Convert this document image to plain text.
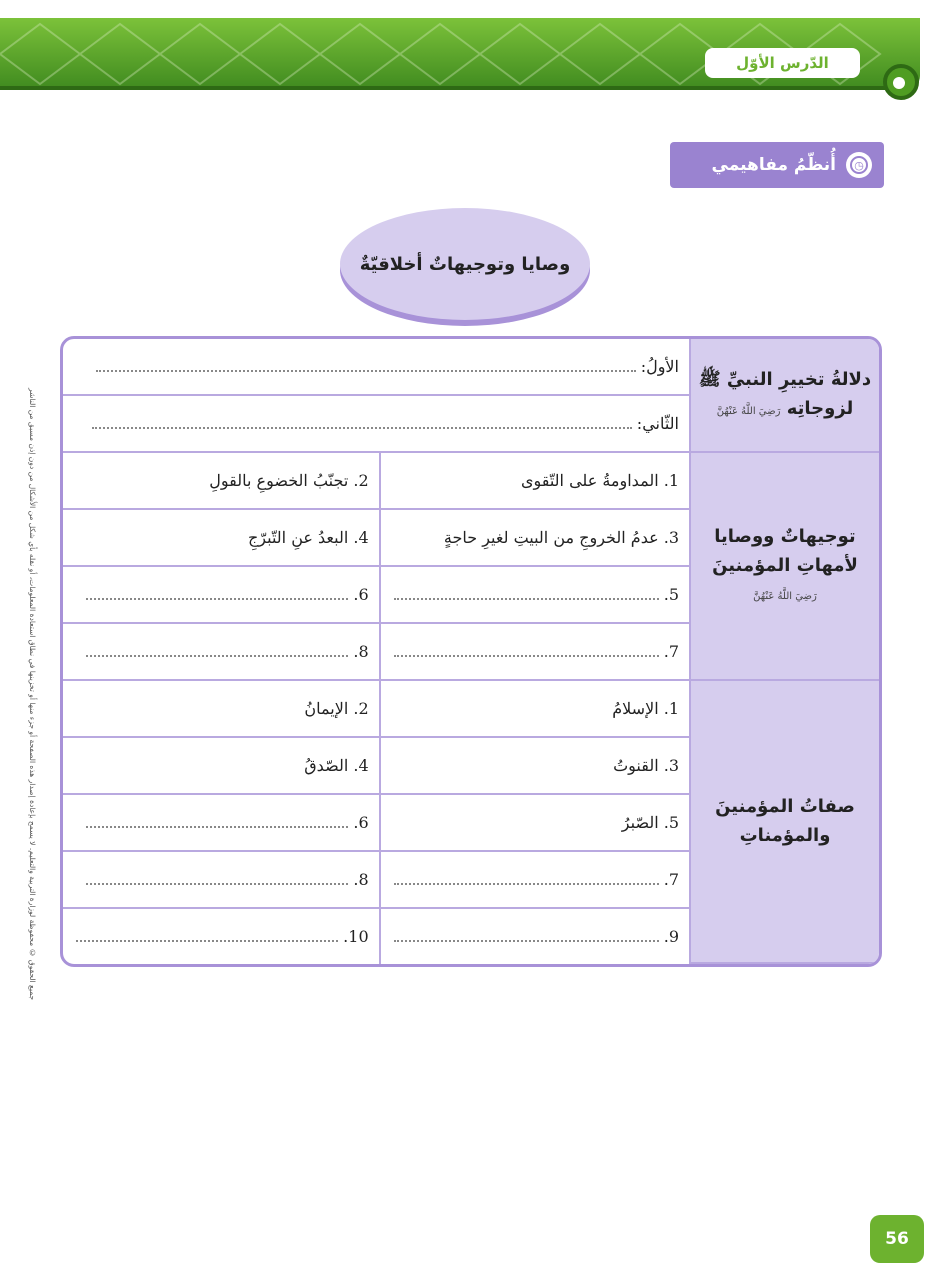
الدّرس الأوّل
جميع الحقوق © محفوظة لوزارة التربية والتعليم. لا يسمح بإعادة إصدار هذه الصفحة أو جزء منها أو تخزينها في نطاق استعادة المعلومات، أو نقله بأي شكل من الأشكال من دون إذن مسبق من الناشر
أُنظّمُ مفاهيمي	◷
وصايا وتوجيهاتٌ أخلاقيّةٌ
دلالةُ تخييرِ النبيِّ ﷺ لزوجاتِه رَضِيَ اللَّهُ عَنْهُنَّ	الأولُ:	
	الثّاني:	
توجيهاتٌ ووصايا لأمهاتِ المؤمنينَ
رَضِيَ اللَّهُ عَنْهُنَّ	1. المداومةُ على التّقوى	2. تجنّبُ الخضوعِ بالقولِ
	3. عدمُ الخروجِ من البيتِ لغيرِ حاجةٍ	4. البعدُ عنِ التّبرّجِ
	5.	6.
	7.	8.
صفاتُ المؤمنينَ والمؤمناتِ	1. الإسلامُ	2. الإيمانُ
	3. القنوتُ	4. الصّدقُ
	5. الصّبرُ	6.
	7.	8.
	9.	10.
56
